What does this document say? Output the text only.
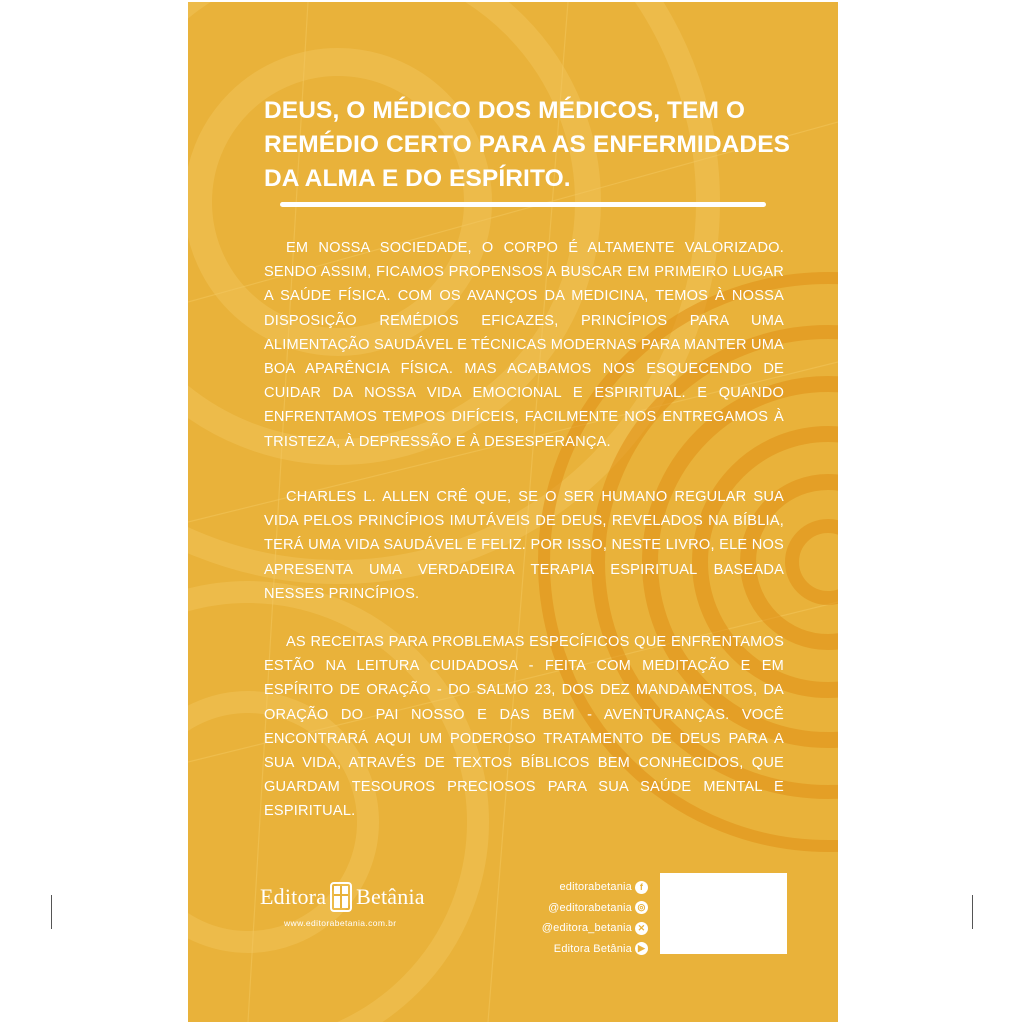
DEUS, O MÉDICO DOS MÉDICOS, TEM O REMÉDIO CERTO PARA AS ENFERMIDADES DA ALMA E DO ESPÍRITO.

EM NOSSA SOCIEDADE, O CORPO É ALTAMENTE VALORIZADO. SENDO ASSIM, FICAMOS PROPENSOS A BUSCAR EM PRIMEIRO LUGAR A SAÚDE FÍSICA. COM OS AVANÇOS DA MEDICINA, TEMOS À NOSSA DISPOSIÇÃO REMÉDIOS EFICAZES, PRINCÍPIOS PARA UMA ALIMENTAÇÃO SAUDÁVEL E TÉCNICAS MODERNAS PARA MANTER UMA BOA APARÊNCIA FÍSICA. MAS ACABAMOS NOS ESQUECENDO DE CUIDAR DA NOSSA VIDA EMOCIONAL E ESPIRITUAL. E QUANDO ENFRENTAMOS TEMPOS DIFÍCEIS, FACILMENTE NOS ENTREGAMOS À TRISTEZA, À DEPRESSÃO E À DESESPERANÇA.

CHARLES L. ALLEN CRÊ QUE, SE O SER HUMANO REGULAR SUA VIDA PELOS PRINCÍPIOS IMUTÁVEIS DE DEUS, REVELADOS NA BÍBLIA, TERÁ UMA VIDA SAUDÁVEL E FELIZ. POR ISSO, NESTE LIVRO, ELE NOS APRESENTA UMA VERDADEIRA TERAPIA ESPIRITUAL BASEADA NESSES PRINCÍPIOS.

AS RECEITAS PARA PROBLEMAS ESPECÍFICOS QUE ENFRENTAMOS ESTÃO NA LEITURA CUIDADOSA - FEITA COM MEDITAÇÃO E EM ESPÍRITO DE ORAÇÃO - DO SALMO 23, DOS DEZ MANDAMENTOS, DA ORAÇÃO DO PAI NOSSO E DAS BEM - AVENTURANÇAS. VOCÊ ENCONTRARÁ AQUI UM PODEROSO TRATAMENTO DE DEUS PARA A SUA VIDA, ATRAVÉS DE TEXTOS BÍBLICOS BEM CONHECIDOS, QUE GUARDAM TESOUROS PRECIOSOS PARA SUA SAÚDE MENTAL E ESPIRITUAL.

Editora Betânia
www.editorabetania.com.br
editorabetania f
@editorabetania ◎
@editora_betania ✕
Editora Betânia ▶
